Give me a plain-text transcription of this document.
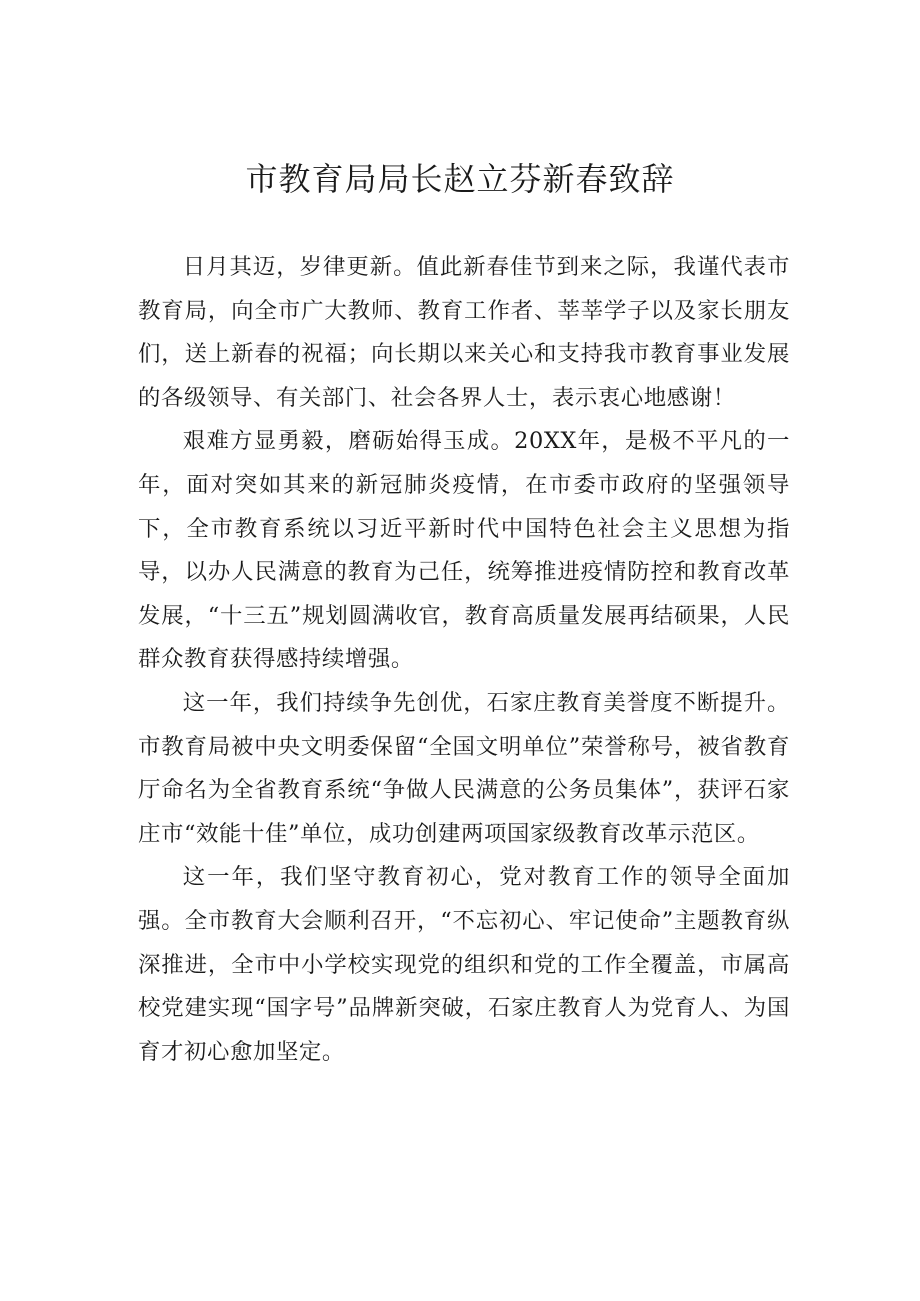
市教育局局长赵立芬新春致辞

日月其迈，岁律更新。值此新春佳节到来之际，我谨代表市教育局，向全市广大教师、教育工作者、莘莘学子以及家长朋友们，送上新春的祝福；向长期以来关心和支持我市教育事业发展的各级领导、有关部门、社会各界人士，表示衷心地感谢！

艰难方显勇毅，磨砺始得玉成。20XX年，是极不平凡的一年，面对突如其来的新冠肺炎疫情，在市委市政府的坚强领导下，全市教育系统以习近平新时代中国特色社会主义思想为指导，以办人民满意的教育为己任，统筹推进疫情防控和教育改革发展，“十三五”规划圆满收官，教育高质量发展再结硕果，人民群众教育获得感持续增强。

这一年，我们持续争先创优，石家庄教育美誉度不断提升。市教育局被中央文明委保留“全国文明单位”荣誉称号，被省教育厅命名为全省教育系统“争做人民满意的公务员集体”，获评石家庄市“效能十佳”单位，成功创建两项国家级教育改革示范区。

这一年，我们坚守教育初心，党对教育工作的领导全面加强。全市教育大会顺利召开，“不忘初心、牢记使命”主题教育纵深推进，全市中小学校实现党的组织和党的工作全覆盖，市属高校党建实现“国字号”品牌新突破，石家庄教育人为党育人、为国育才初心愈加坚定。
